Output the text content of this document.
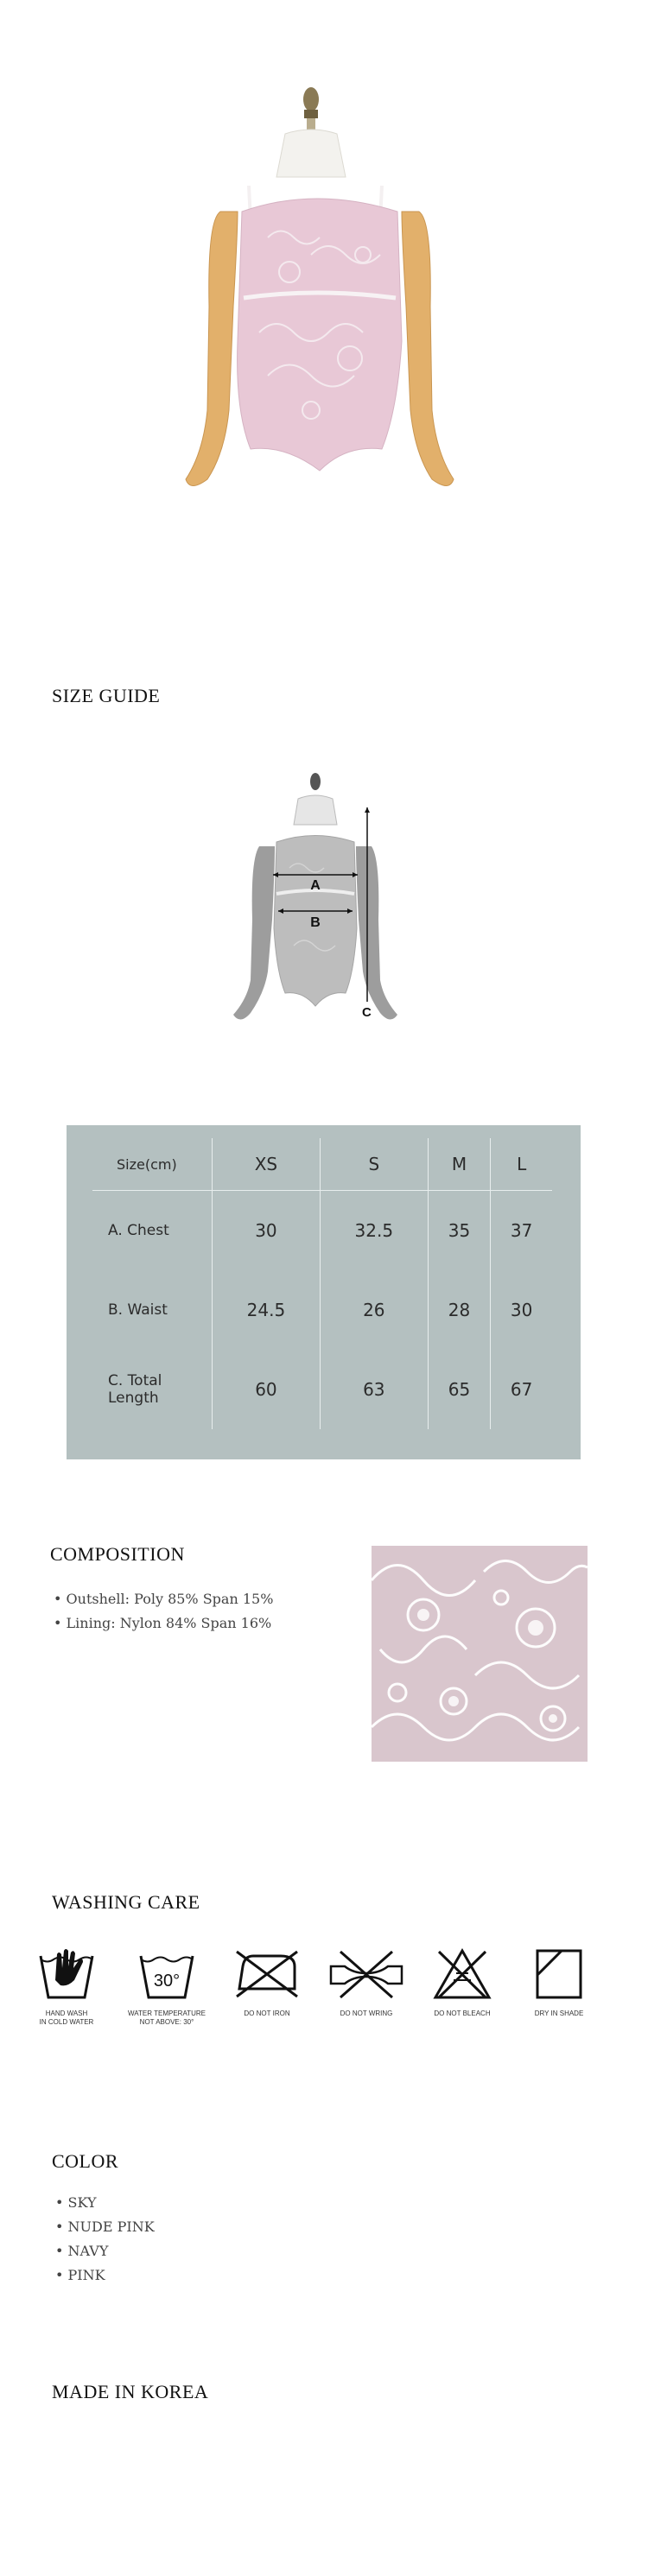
SIZE GUIDE
A
B
C
Size(cm)	XS	S	M	L
A. Chest	30	32.5	35	37
B. Waist	24.5	26	28	30
C. Total
Length	60	63	65	67
COMPOSITION
• Outshell: Poly 85% Span 15%
• Lining: Nylon 84% Span 16%
WASHING CARE
HAND WASH
IN COLD WATER
30°
WATER TEMPERATURE
NOT ABOVE: 30°
DO NOT IRON	DO NOT WRING	DO NOT BLEACH	DRY IN SHADE
COLOR
• SKY
• NUDE PINK
• NAVY
• PINK
MADE IN KOREA
